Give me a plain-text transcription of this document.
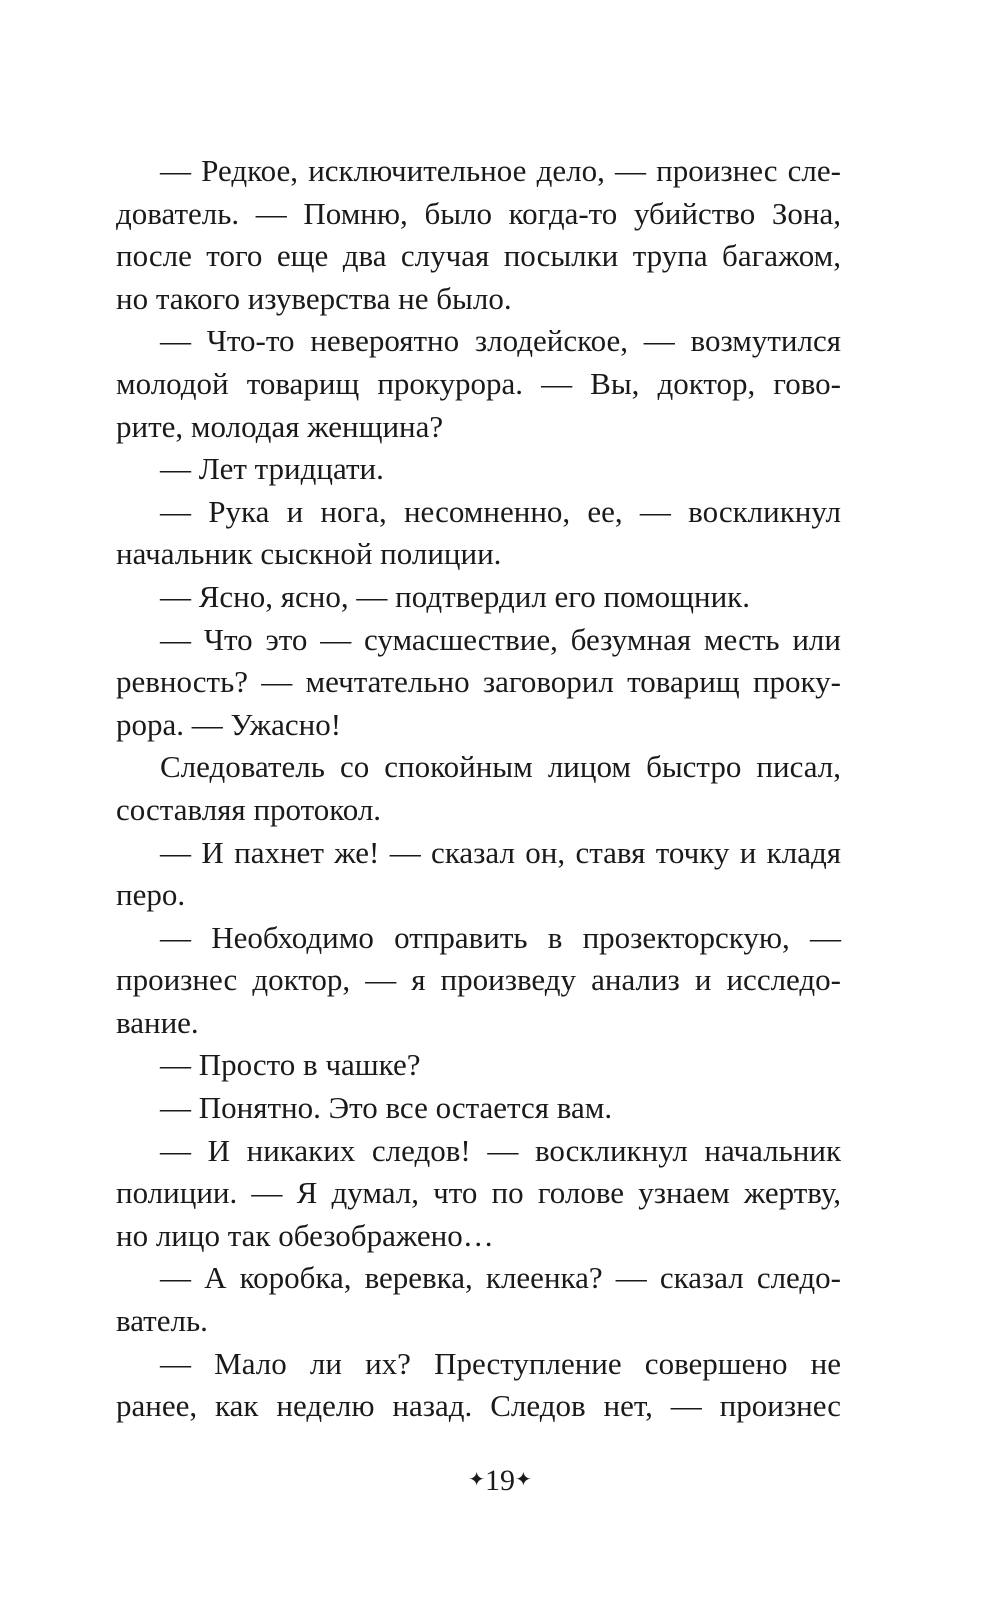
— Редкое, исключительное дело, — произнес сле-
дователь. — Помню, было когда-то убийство Зона,
после того еще два случая посылки трупа багажом,
но такого изуверства не было.
— Что-то невероятно злодейское, — возмутился
молодой товарищ прокурора. — Вы, доктор, гово-
рите, молодая женщина?
— Лет тридцати.
— Рука и нога, несомненно, ее, — воскликнул
начальник сыскной полиции.
— Ясно, ясно, — подтвердил его помощник.
— Что это — сумасшествие, безумная месть или
ревность? — мечтательно заговорил товарищ проку-
рора. — Ужасно!
Следователь со спокойным лицом быстро писал,
составляя протокол.
— И пахнет же! — сказал он, ставя точку и кладя
перо.
— Необходимо отправить в прозекторскую, —
произнес доктор, — я произведу анализ и исследо-
вание.
— Просто в чашке?
— Понятно. Это все остается вам.
— И никаких следов! — воскликнул начальник
полиции. — Я думал, что по голове узнаем жертву,
но лицо так обезображено…
— А коробка, веревка, клеенка? — сказал следо-
ватель.
— Мало ли их? Преступление совершено не
ранее, как неделю назад. Следов нет, — произнес
✦19✦
